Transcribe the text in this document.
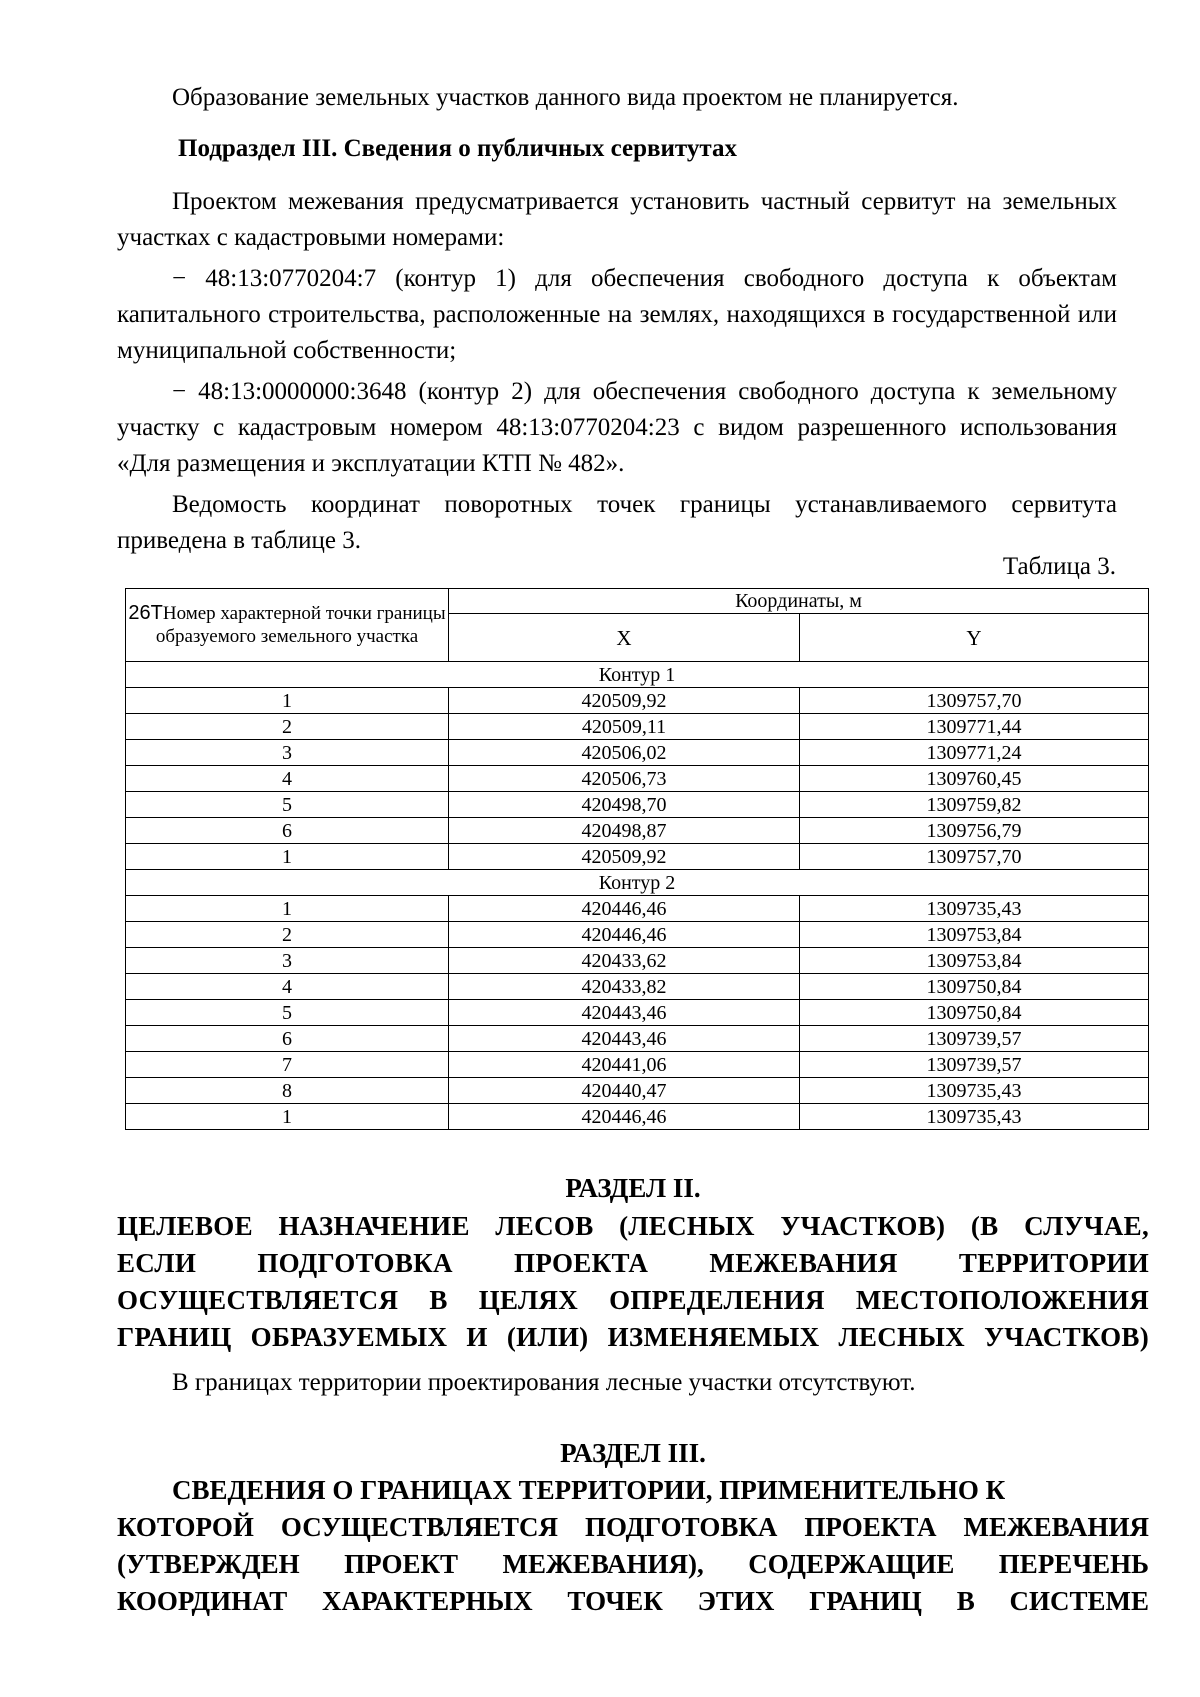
Образование земельных участков данного вида проектом не планируется.

Подраздел III. Сведения о публичных сервитутах

Проектом межевания предусматривается установить частный сервитут на земельных участках с кадастровыми номерами:

− 48:13:0770204:7 (контур 1) для обеспечения свободного доступа к объектам капитального строительства, расположенные на землях, находящихся в государственной или муниципальной собственности;

− 48:13:0000000:3648 (контур 2) для обеспечения свободного доступа к земельному участку с кадастровым номером 48:13:0770204:23 с видом разрешенного использования «Для размещения и эксплуатации КТП № 482».

Ведомость координат поворотных точек границы устанавливаемого сервитута приведена в таблице 3.

Таблица 3.
26TНомер характерной точки границы образуемого земельного участка	Координаты, м	
	X	Y
Контур 1		
1	420509,92	1309757,70
2	420509,11	1309771,44
3	420506,02	1309771,24
4	420506,73	1309760,45
5	420498,70	1309759,82
6	420498,87	1309756,79
1	420509,92	1309757,70
Контур 2		
1	420446,46	1309735,43
2	420446,46	1309753,84
3	420433,62	1309753,84
4	420433,82	1309750,84
5	420443,46	1309750,84
6	420443,46	1309739,57
7	420441,06	1309739,57
8	420440,47	1309735,43
1	420446,46	1309735,43
РАЗДЕЛ II.
ЦЕЛЕВОЕ НАЗНАЧЕНИЕ ЛЕСОВ (ЛЕСНЫХ УЧАСТКОВ) (В СЛУЧАЕ,
ЕСЛИ ПОДГОТОВКА ПРОЕКТА МЕЖЕВАНИЯ ТЕРРИТОРИИ
ОСУЩЕСТВЛЯЕТСЯ В ЦЕЛЯХ ОПРЕДЕЛЕНИЯ МЕСТОПОЛОЖЕНИЯ
ГРАНИЦ ОБРАЗУЕМЫХ И (ИЛИ) ИЗМЕНЯЕМЫХ ЛЕСНЫХ УЧАСТКОВ)

В границах территории проектирования лесные участки отсутствуют.

РАЗДЕЛ III.
СВЕДЕНИЯ О ГРАНИЦАХ ТЕРРИТОРИИ, ПРИМЕНИТЕЛЬНО К
КОТОРОЙ ОСУЩЕСТВЛЯЕТСЯ ПОДГОТОВКА ПРОЕКТА МЕЖЕВАНИЯ
(УТВЕРЖДЕН ПРОЕКТ МЕЖЕВАНИЯ), СОДЕРЖАЩИЕ ПЕРЕЧЕНЬ
КООРДИНАТ ХАРАКТЕРНЫХ ТОЧЕК ЭТИХ ГРАНИЦ В СИСТЕМЕ
